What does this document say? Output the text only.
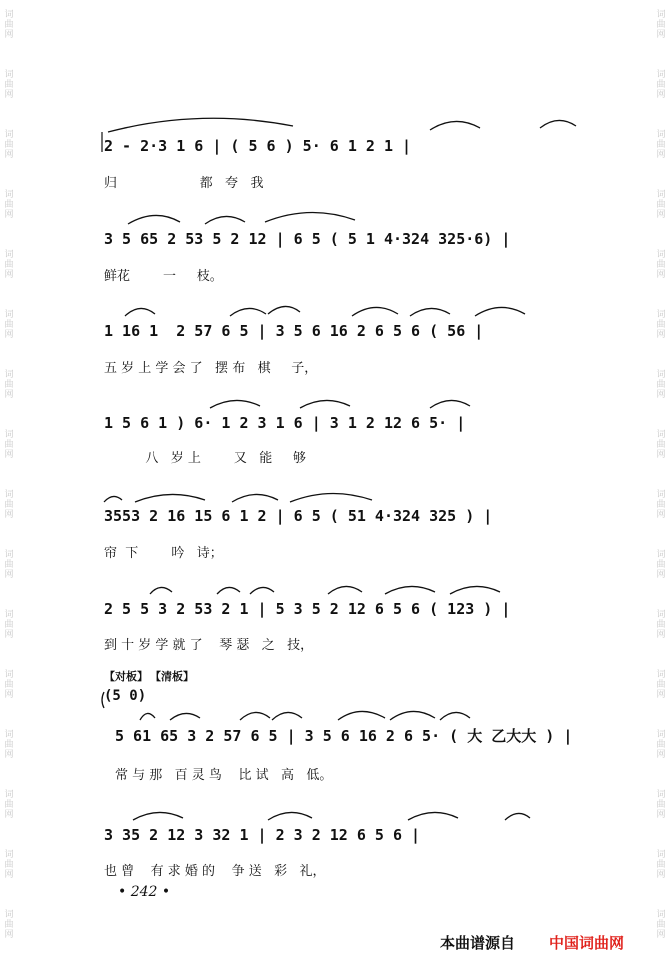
词
曲
网
词
曲
网
词
曲
网
词
曲
网
词
曲
网
词
曲
网
词
曲
网
词
曲
网
词
曲
网
词
曲
网
词
曲
网
词
曲
网
词
曲
网
词
曲
网
词
曲
网
词
曲
网
词
曲
网
词
曲
网
词
曲
网
词
曲
网
词
曲
网
词
曲
网
词
曲
网
词
曲
网
词
曲
网
词
曲
网
词
曲
网
词
曲
网
词
曲
网
词
曲
网
词
曲
网
词
曲
网
2 - 2·3 1 6 | ( 5 6 ) 5· 6 1 2 1 |
归                    都   夸   我
3 5 65 2 53 5 2 12 | 6 5 ( 5 1 4·324 325·6) |
鲜花        一     枝。
1 16 1  2 57 6 5 | 3 5 6 16 2 6 5 6 ( 56 |
五 岁 上 学 会 了   摆 布   棋     子，
1 5 6 1 ) 6· 1 2 3 1 6 | 3 1 2 12 6 5· |
八   岁 上        又   能     够
3553 2 16 15 6 1 2 | 6 5 ( 51 4·324 325 ) |
帘  下        吟   诗；
2 5 5 3 2 53 2 1 | 5 3 5 2 12 6 5 6 ( 123 ) |
到 十 岁 学 就 了    琴 瑟   之   技，
【对板】 【清板】
(5 0)
5 61 65 3 2 57 6 5 | 3 5 6 16 2 6 5· ( 大 乙大大 ) |
常 与 那   百 灵 鸟    比 试   高   低。
3 35 2 12 3 32 1 | 2 3 2 12 6 5 6 |
也 曾    有 求 婚 的    争 送   彩   礼，
• 242 •
本曲谱源自 中国词曲网
